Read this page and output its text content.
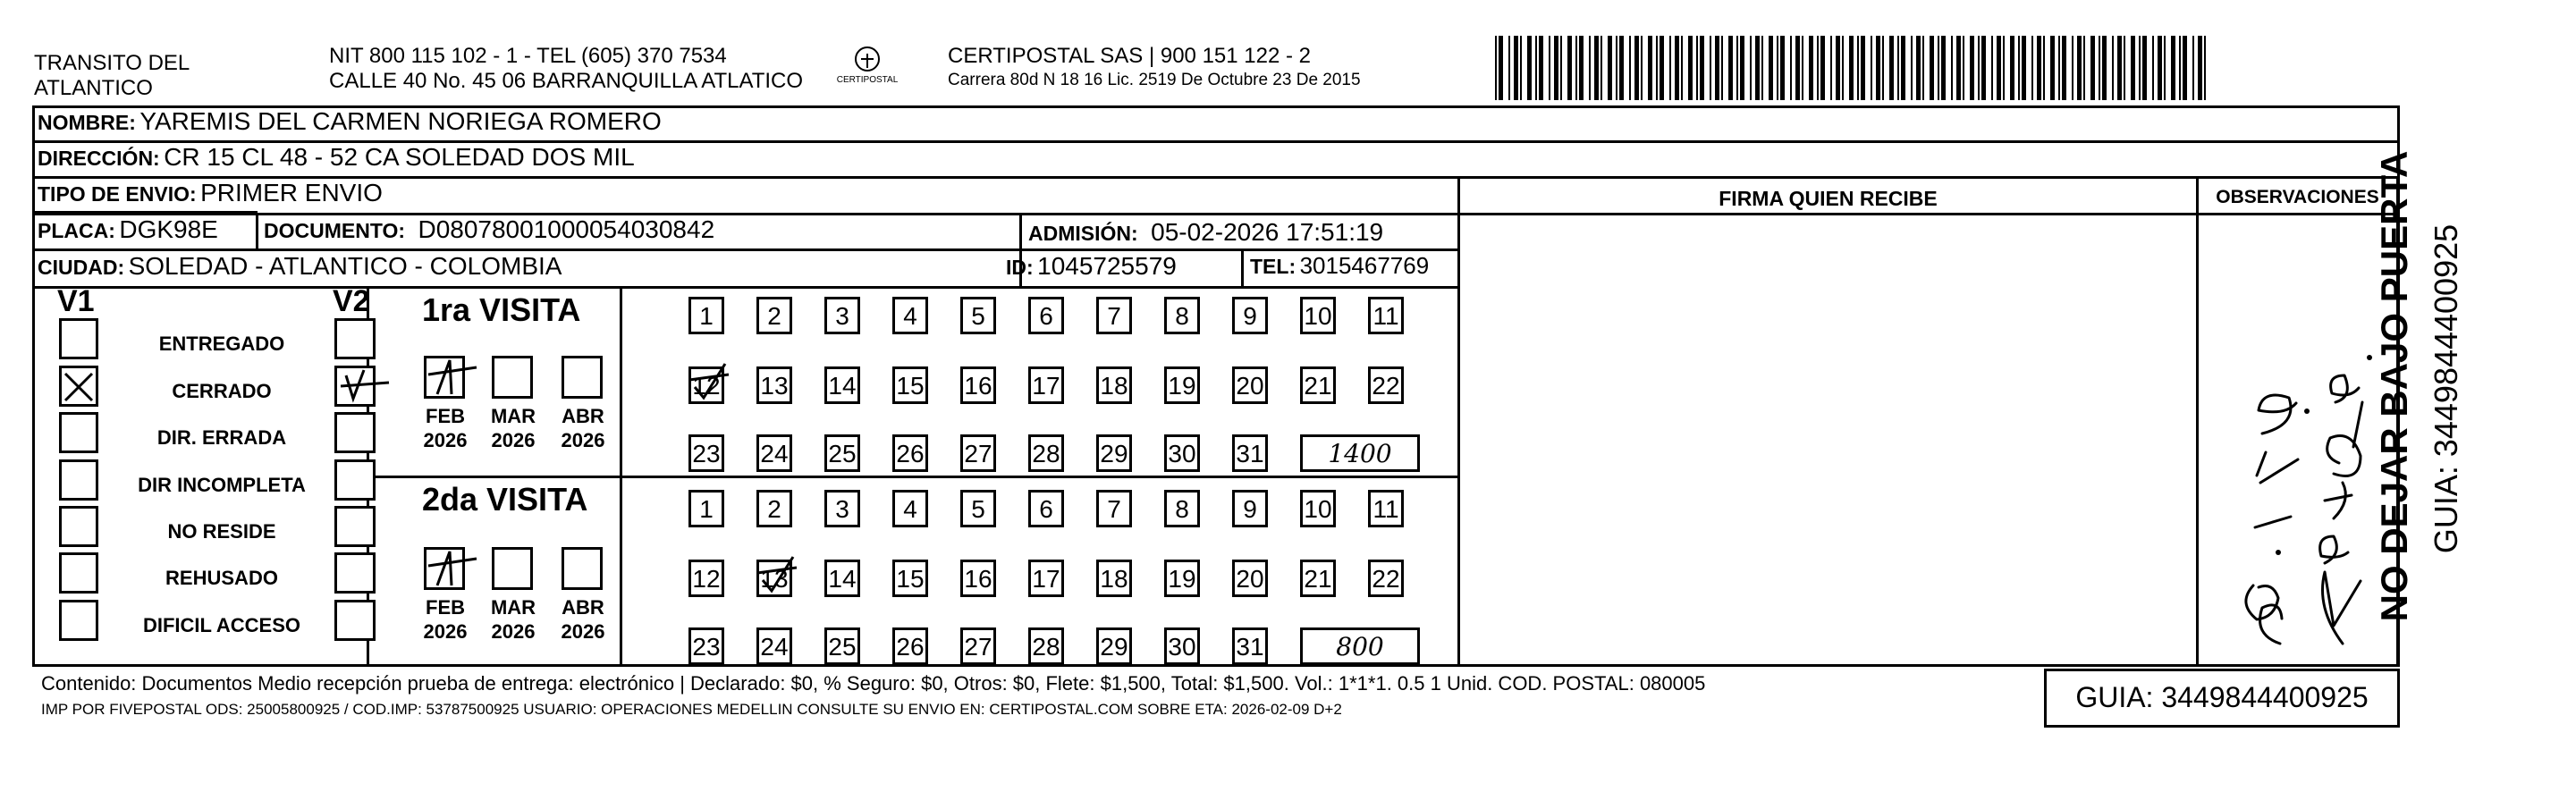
TRANSITO DEL
ATLANTICO
NIT 800 115 102 - 1 - TEL (605) 370 7534
CALLE 40 No. 45 06 BARRANQUILLA ATLATICO	CERTIPOSTAL
CERTIPOSTAL SAS | 900 151 122 - 2
Carrera 80d N 18 16 Lic. 2519 De Octubre 23 De 2015
NOMBRE: YAREMIS DEL CARMEN NORIEGA ROMERO
DIRECCIÓN: CR 15 CL 48 - 52 CA SOLEDAD DOS MIL
TIPO DE ENVIO: PRIMER ENVIO
PLACA: DGK98E DOCUMENTO: D08078001000054030842	ADMISIÓN: 05-02-2026 17:51:19
CIUDAD: SOLEDAD - ATLANTICO - COLOMBIA	ID: 1045725579	TEL: 3015467769
FIRMA QUIEN RECIBE	OBSERVACIONES
V1	V2
ENTREGADO
CERRADO
DIR. ERRADA
DIR INCOMPLETA
NO RESIDE
REHUSADO
DIFICIL ACCESO
1ra VISITA
2da VISITA
1	2	3	4	5	6	7	8	9	10 11
12 13 14 15 16 17 18 19 20 21 22
23 24 25 26 27 28 29 30 31	1400
1	2	3	4	5	6	7	8	9	10 11
12 13 14 15 16 17 18 19 20 21 22
23 24 25 26 27 28 29 30 31	800
FEB
2026
MAR
2026
ABR
2026
FEB
2026
MAR
2026
ABR
2026
Contenido: Documentos Medio recepción prueba de entrega: electrónico | Declarado: $0, % Seguro: $0, Otros: $0, Flete: $1,500, Total: $1,500. Vol.: 1*1*1. 0.5 1 Unid. COD. POSTAL: 080005
IMP POR FIVEPOSTAL ODS: 25005800925 / COD.IMP: 53787500925 USUARIO: OPERACIONES MEDELLIN CONSULTE SU ENVIO EN: CERTIPOSTAL.COM SOBRE ETA: 2026-02-09 D+2	GUIA: 3449844400925
NO DEJAR BAJO PUERTA GUIA: 3449844400925
